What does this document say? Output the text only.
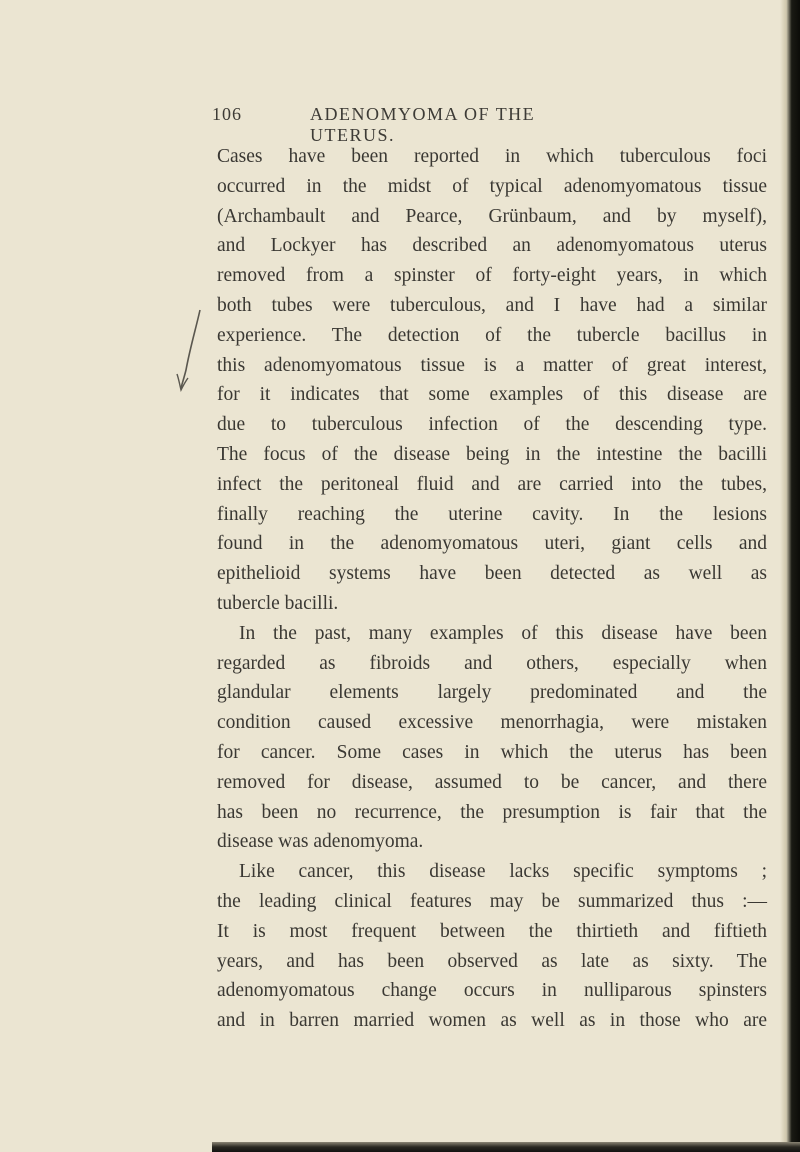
106	ADENOMYOMA OF THE UTERUS.
Cases have been reported in which tuberculous foci
occurred in the midst of typical adenomyomatous tissue
(Archambault and Pearce, Grünbaum, and by myself),
and Lockyer has described an adenomyomatous uterus
removed from a spinster of forty-eight years, in which
both tubes were tuberculous, and I have had a similar
experience. The detection of the tubercle bacillus in
this adenomyomatous tissue is a matter of great interest,
for it indicates that some examples of this disease are
due to tuberculous infection of the descending type.
The focus of the disease being in the intestine the bacilli
infect the peritoneal fluid and are carried into the tubes,
finally reaching the uterine cavity. In the lesions
found in the adenomyomatous uteri, giant cells and
epithelioid systems have been detected as well as
tubercle bacilli.
In the past, many examples of this disease have been
regarded as fibroids and others, especially when
glandular elements largely predominated and the
condition caused excessive menorrhagia, were mistaken
for cancer. Some cases in which the uterus has been
removed for disease, assumed to be cancer, and there
has been no recurrence, the presumption is fair that the
disease was adenomyoma.
Like cancer, this disease lacks specific symptoms ;
the leading clinical features may be summarized thus :—
It is most frequent between the thirtieth and fiftieth
years, and has been observed as late as sixty. The
adenomyomatous change occurs in nulliparous spinsters
and in barren married women as well as in those who are
